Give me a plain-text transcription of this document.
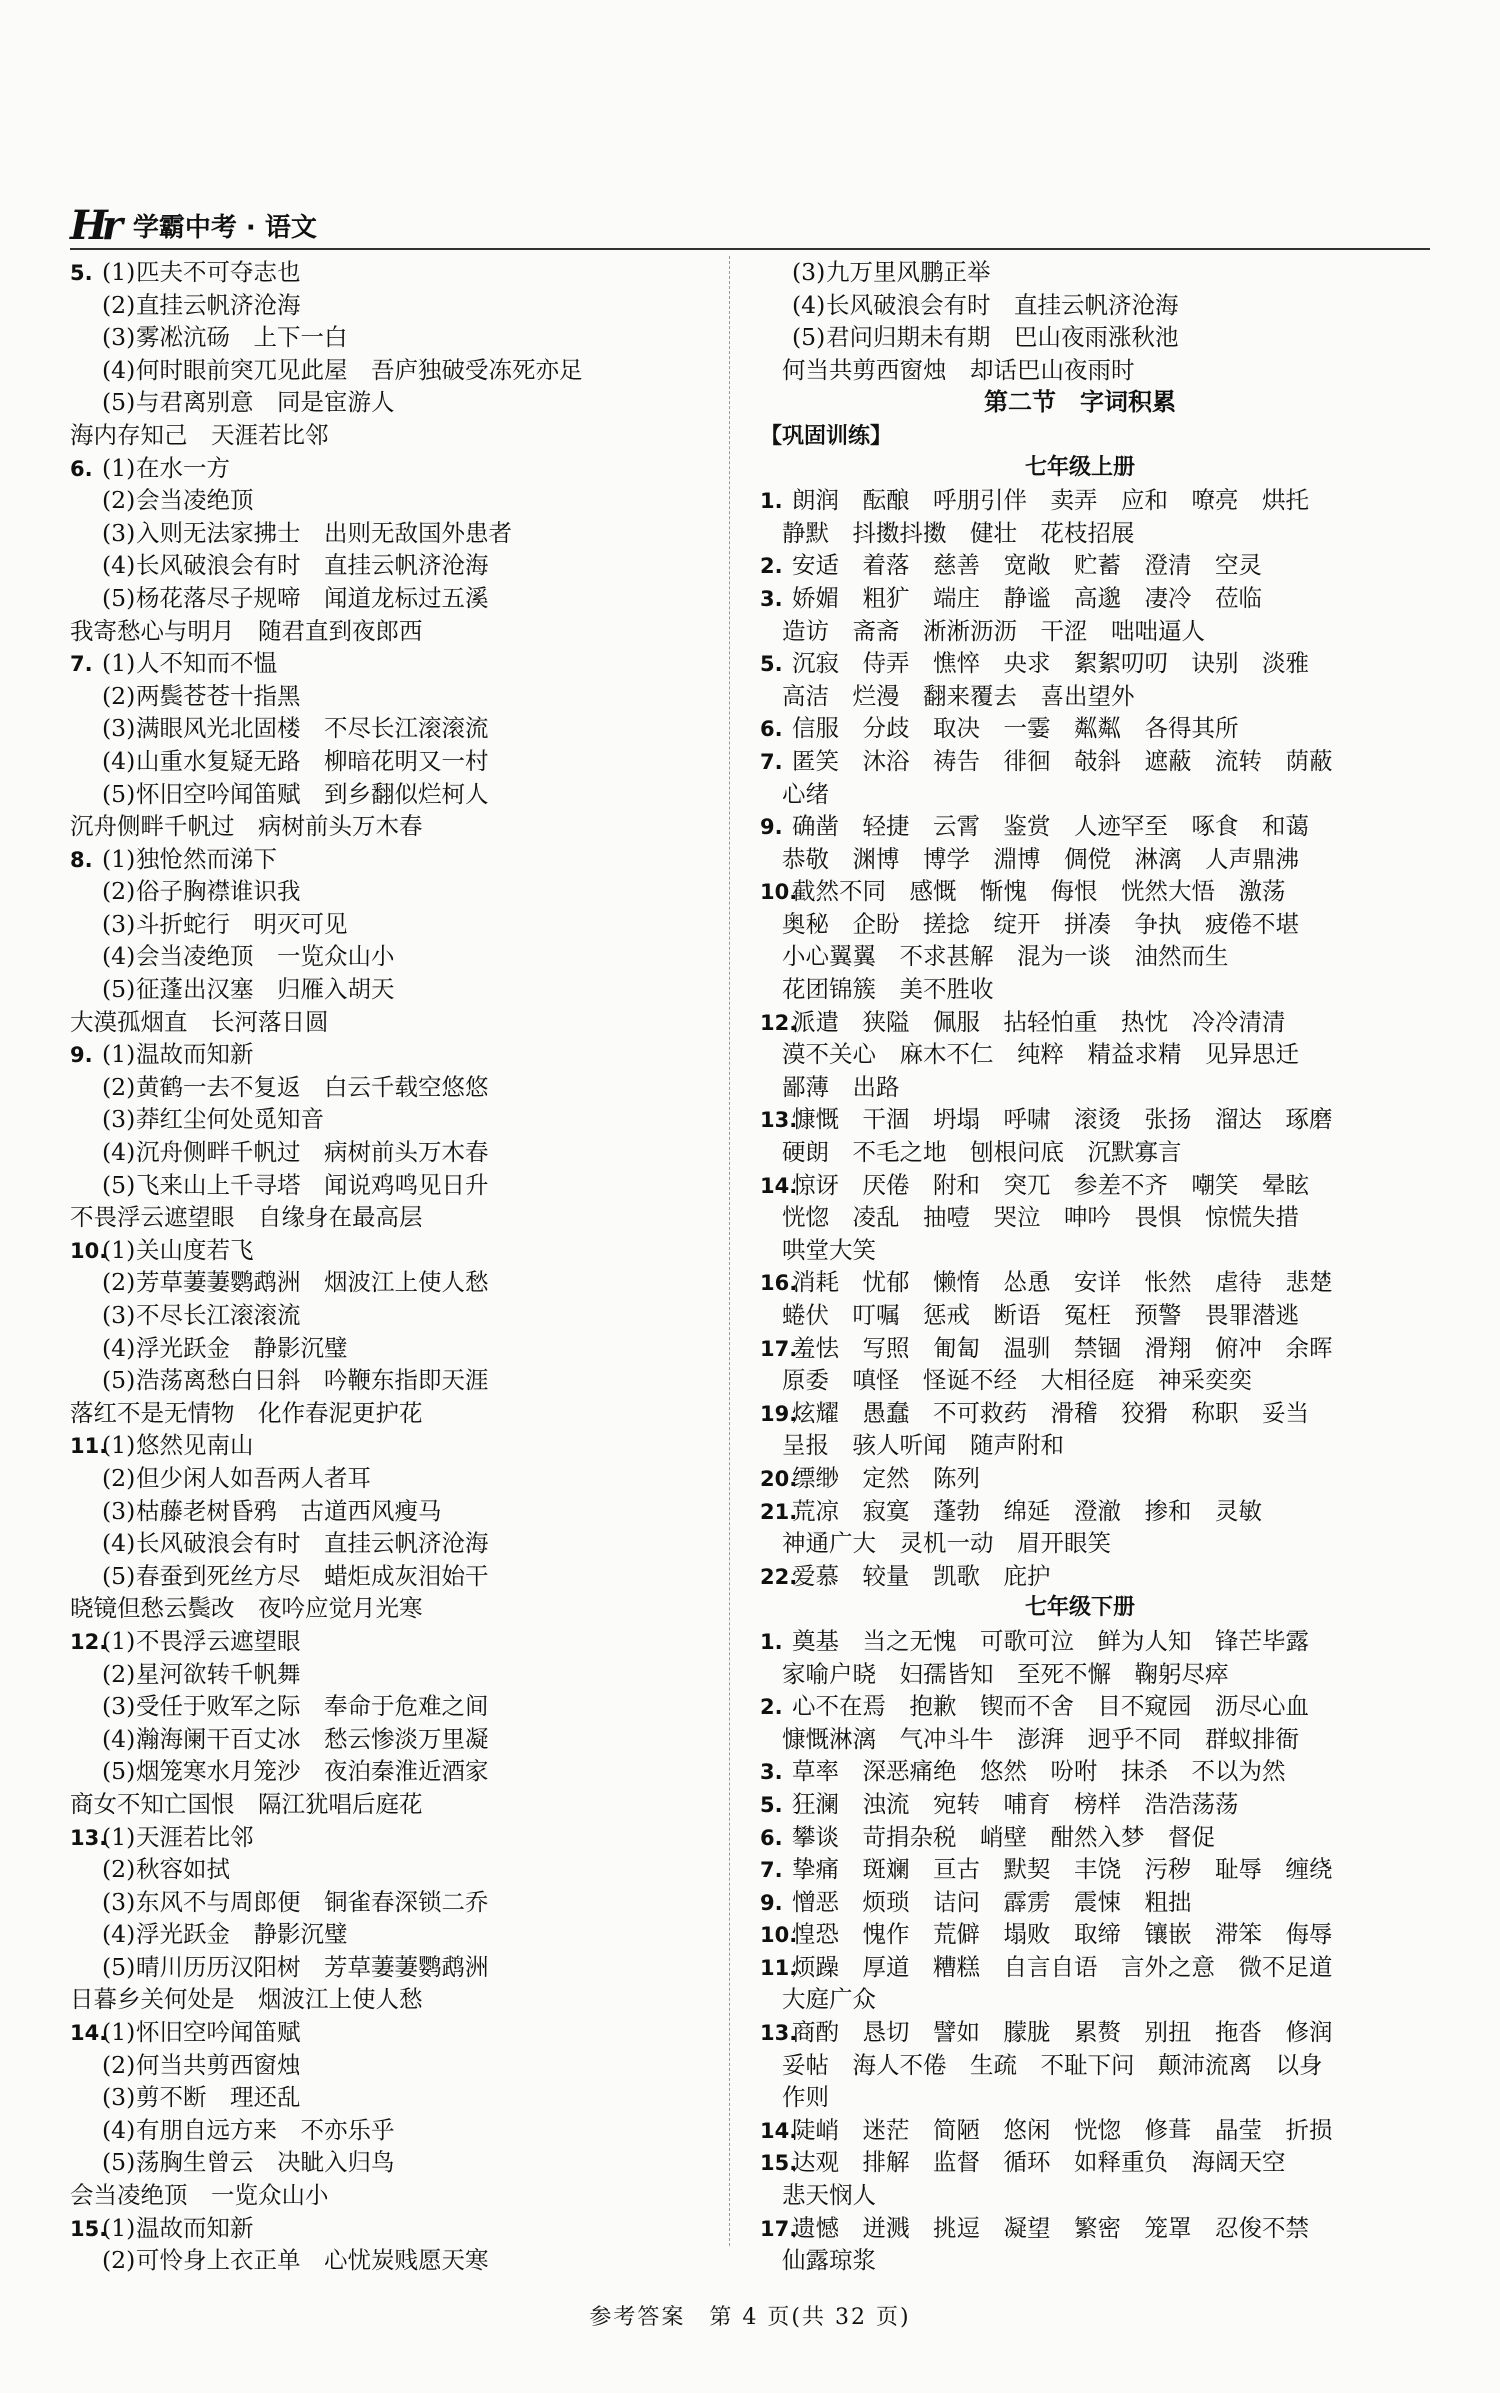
Hr 学霸中考 · 语文
5. (1)匹夫不可夺志也
(2)直挂云帆济沧海
(3)雾凇沆砀　上下一白
(4)何时眼前突兀见此屋　吾庐独破受冻死亦足
(5)与君离别意　同是宦游人
海内存知己　天涯若比邻
6. (1)在水一方
(2)会当凌绝顶
(3)入则无法家拂士　出则无敌国外患者
(4)长风破浪会有时　直挂云帆济沧海
(5)杨花落尽子规啼　闻道龙标过五溪
我寄愁心与明月　随君直到夜郎西
7. (1)人不知而不愠
(2)两鬓苍苍十指黑
(3)满眼风光北固楼　不尽长江滚滚流
(4)山重水复疑无路　柳暗花明又一村
(5)怀旧空吟闻笛赋　到乡翻似烂柯人
沉舟侧畔千帆过　病树前头万木春
8. (1)独怆然而涕下
(2)俗子胸襟谁识我
(3)斗折蛇行　明灭可见
(4)会当凌绝顶　一览众山小
(5)征蓬出汉塞　归雁入胡天
大漠孤烟直　长河落日圆
9. (1)温故而知新
(2)黄鹤一去不复返　白云千载空悠悠
(3)莽红尘何处觅知音
(4)沉舟侧畔千帆过　病树前头万木春
(5)飞来山上千寻塔　闻说鸡鸣见日升
不畏浮云遮望眼　自缘身在最高层
10.(1)关山度若飞
(2)芳草萋萋鹦鹉洲　烟波江上使人愁
(3)不尽长江滚滚流
(4)浮光跃金　静影沉璧
(5)浩荡离愁白日斜　吟鞭东指即天涯
落红不是无情物　化作春泥更护花
11.(1)悠然见南山
(2)但少闲人如吾两人者耳
(3)枯藤老树昏鸦　古道西风瘦马
(4)长风破浪会有时　直挂云帆济沧海
(5)春蚕到死丝方尽　蜡炬成灰泪始干
晓镜但愁云鬓改　夜吟应觉月光寒
12.(1)不畏浮云遮望眼
(2)星河欲转千帆舞
(3)受任于败军之际　奉命于危难之间
(4)瀚海阑干百丈冰　愁云惨淡万里凝
(5)烟笼寒水月笼沙　夜泊秦淮近酒家
商女不知亡国恨　隔江犹唱后庭花
13.(1)天涯若比邻
(2)秋容如拭
(3)东风不与周郎便　铜雀春深锁二乔
(4)浮光跃金　静影沉璧
(5)晴川历历汉阳树　芳草萋萋鹦鹉洲
日暮乡关何处是　烟波江上使人愁
14.(1)怀旧空吟闻笛赋
(2)何当共剪西窗烛
(3)剪不断　理还乱
(4)有朋自远方来　不亦乐乎
(5)荡胸生曾云　决眦入归鸟
会当凌绝顶　一览众山小
15.(1)温故而知新
(2)可怜身上衣正单　心忧炭贱愿天寒
(3)九万里风鹏正举
(4)长风破浪会有时　直挂云帆济沧海
(5)君问归期未有期　巴山夜雨涨秋池
何当共剪西窗烛　却话巴山夜雨时
第二节　字词积累
【巩固训练】
七年级上册
1. 朗润　酝酿　呼朋引伴　卖弄　应和　嘹亮　烘托
静默　抖擞抖擞　健壮　花枝招展
2. 安适　着落　慈善　宽敞　贮蓄　澄清　空灵
3. 娇媚　粗犷　端庄　静谧　高邈　凄冷　莅临
造访　斋斋　淅淅沥沥　干涩　咄咄逼人
5. 沉寂　侍弄　憔悴　央求　絮絮叨叨　诀别　淡雅
高洁　烂漫　翻来覆去　喜出望外
6. 信服　分歧　取决　一霎　粼粼　各得其所
7. 匿笑　沐浴　祷告　徘徊　攲斜　遮蔽　流转　荫蔽
心绪
9. 确凿　轻捷　云霄　鉴赏　人迹罕至　啄食　和蔼
恭敬　渊博　博学　淵博　倜傥　淋漓　人声鼎沸
10.截然不同　感慨　惭愧　侮恨　恍然大悟　激荡
奥秘　企盼　搓捻　绽开　拼凑　争执　疲倦不堪
小心翼翼　不求甚解　混为一谈　油然而生
花团锦簇　美不胜收
12.派遣　狭隘　佩服　拈轻怕重　热忱　冷冷清清
漠不关心　麻木不仁　纯粹　精益求精　见异思迁
鄙薄　出路
13.慷慨　干涸　坍塌　呼啸　滚烫　张扬　溜达　琢磨
硬朗　不毛之地　刨根问底　沉默寡言
14.惊讶　厌倦　附和　突兀　参差不齐　嘲笑　晕眩
恍惚　凌乱　抽噎　哭泣　呻吟　畏惧　惊慌失措
哄堂大笑
16.消耗　忧郁　懒惰　怂恿　安详　怅然　虐待　悲楚
蜷伏　叮嘱　惩戒　断语　冤枉　预警　畏罪潜逃
17.羞怯　写照　匍匐　温驯　禁锢　滑翔　俯冲　余晖
原委　嗔怪　怪诞不经　大相径庭　神采奕奕
19.炫耀　愚蠢　不可救药　滑稽　狡猾　称职　妥当
呈报　骇人听闻　随声附和
20.缥缈　定然　陈列
21.荒凉　寂寞　蓬勃　绵延　澄澈　掺和　灵敏
神通广大　灵机一动　眉开眼笑
22.爱慕　较量　凯歌　庇护
七年级下册
1. 奠基　当之无愧　可歌可泣　鲜为人知　锋芒毕露
家喻户晓　妇孺皆知　至死不懈　鞠躬尽瘁
2. 心不在焉　抱歉　锲而不舍　目不窥园　沥尽心血
慷慨淋漓　气冲斗牛　澎湃　迥乎不同　群蚁排衙
3. 草率　深恶痛绝　悠然　吩咐　抹杀　不以为然
5. 狂澜　浊流　宛转　哺育　榜样　浩浩荡荡
6. 攀谈　苛捐杂税　峭壁　酣然入梦　督促
7. 挚痛　斑斓　亘古　默契　丰饶　污秽　耻辱　缠绕
9. 憎恶　烦琐　诘问　霹雳　震悚　粗拙
10.惶恐　愧作　荒僻　塌败　取缔　镶嵌　滞笨　侮辱
11.烦躁　厚道　糟糕　自言自语　言外之意　微不足道
大庭广众
13.商酌　恳切　譬如　朦胧　累赘　别扭　拖沓　修润
妥帖　海人不倦　生疏　不耻下问　颠沛流离　以身
作则
14.陡峭　迷茫　简陋　悠闲　恍惚　修葺　晶莹　折损
15.达观　排解　监督　循环　如释重负　海阔天空
悲天悯人
17.遗憾　迸溅　挑逗　凝望　繁密　笼罩　忍俊不禁
仙露琼浆
参考答案　第 4 页(共 32 页)
